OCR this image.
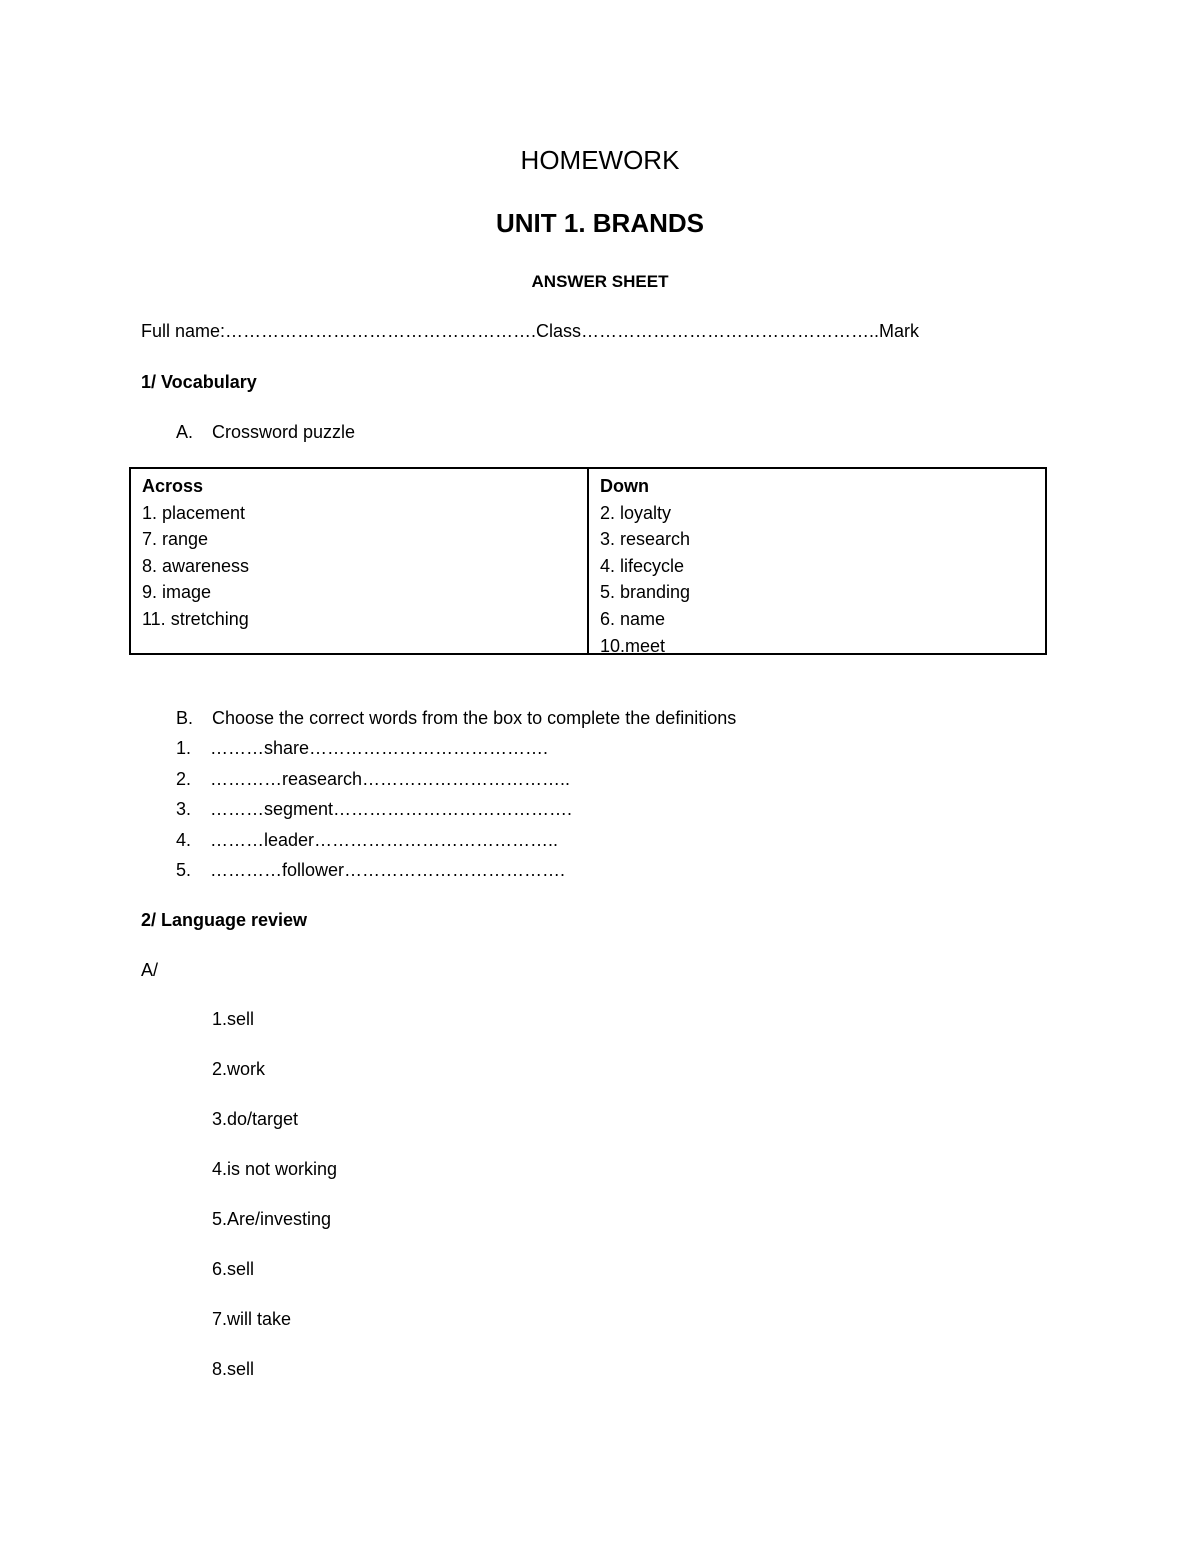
HOMEWORK
UNIT 1. BRANDS
ANSWER SHEET
Full name:…………………………………………….Class…………………………………………..Mark
1/ Vocabulary
A. Crossword puzzle
Across
1. placement
7. range
8. awareness
9. image
11. stretching
Down
2. loyalty
3. research
4. lifecycle
5. branding
6. name
10.meet
B. Choose the correct words from the box to complete the definitions
1.	………share………………………………….
2.	…………reasearch……………………………..
3.	………segment………………………………….
4.	………leader…………………………………..
5.	…………follower……………………………….
2/ Language review
A/
1.sell
2.work
3.do/target
4.is not working
5.Are/investing
6.sell
7.will take
8.sell
